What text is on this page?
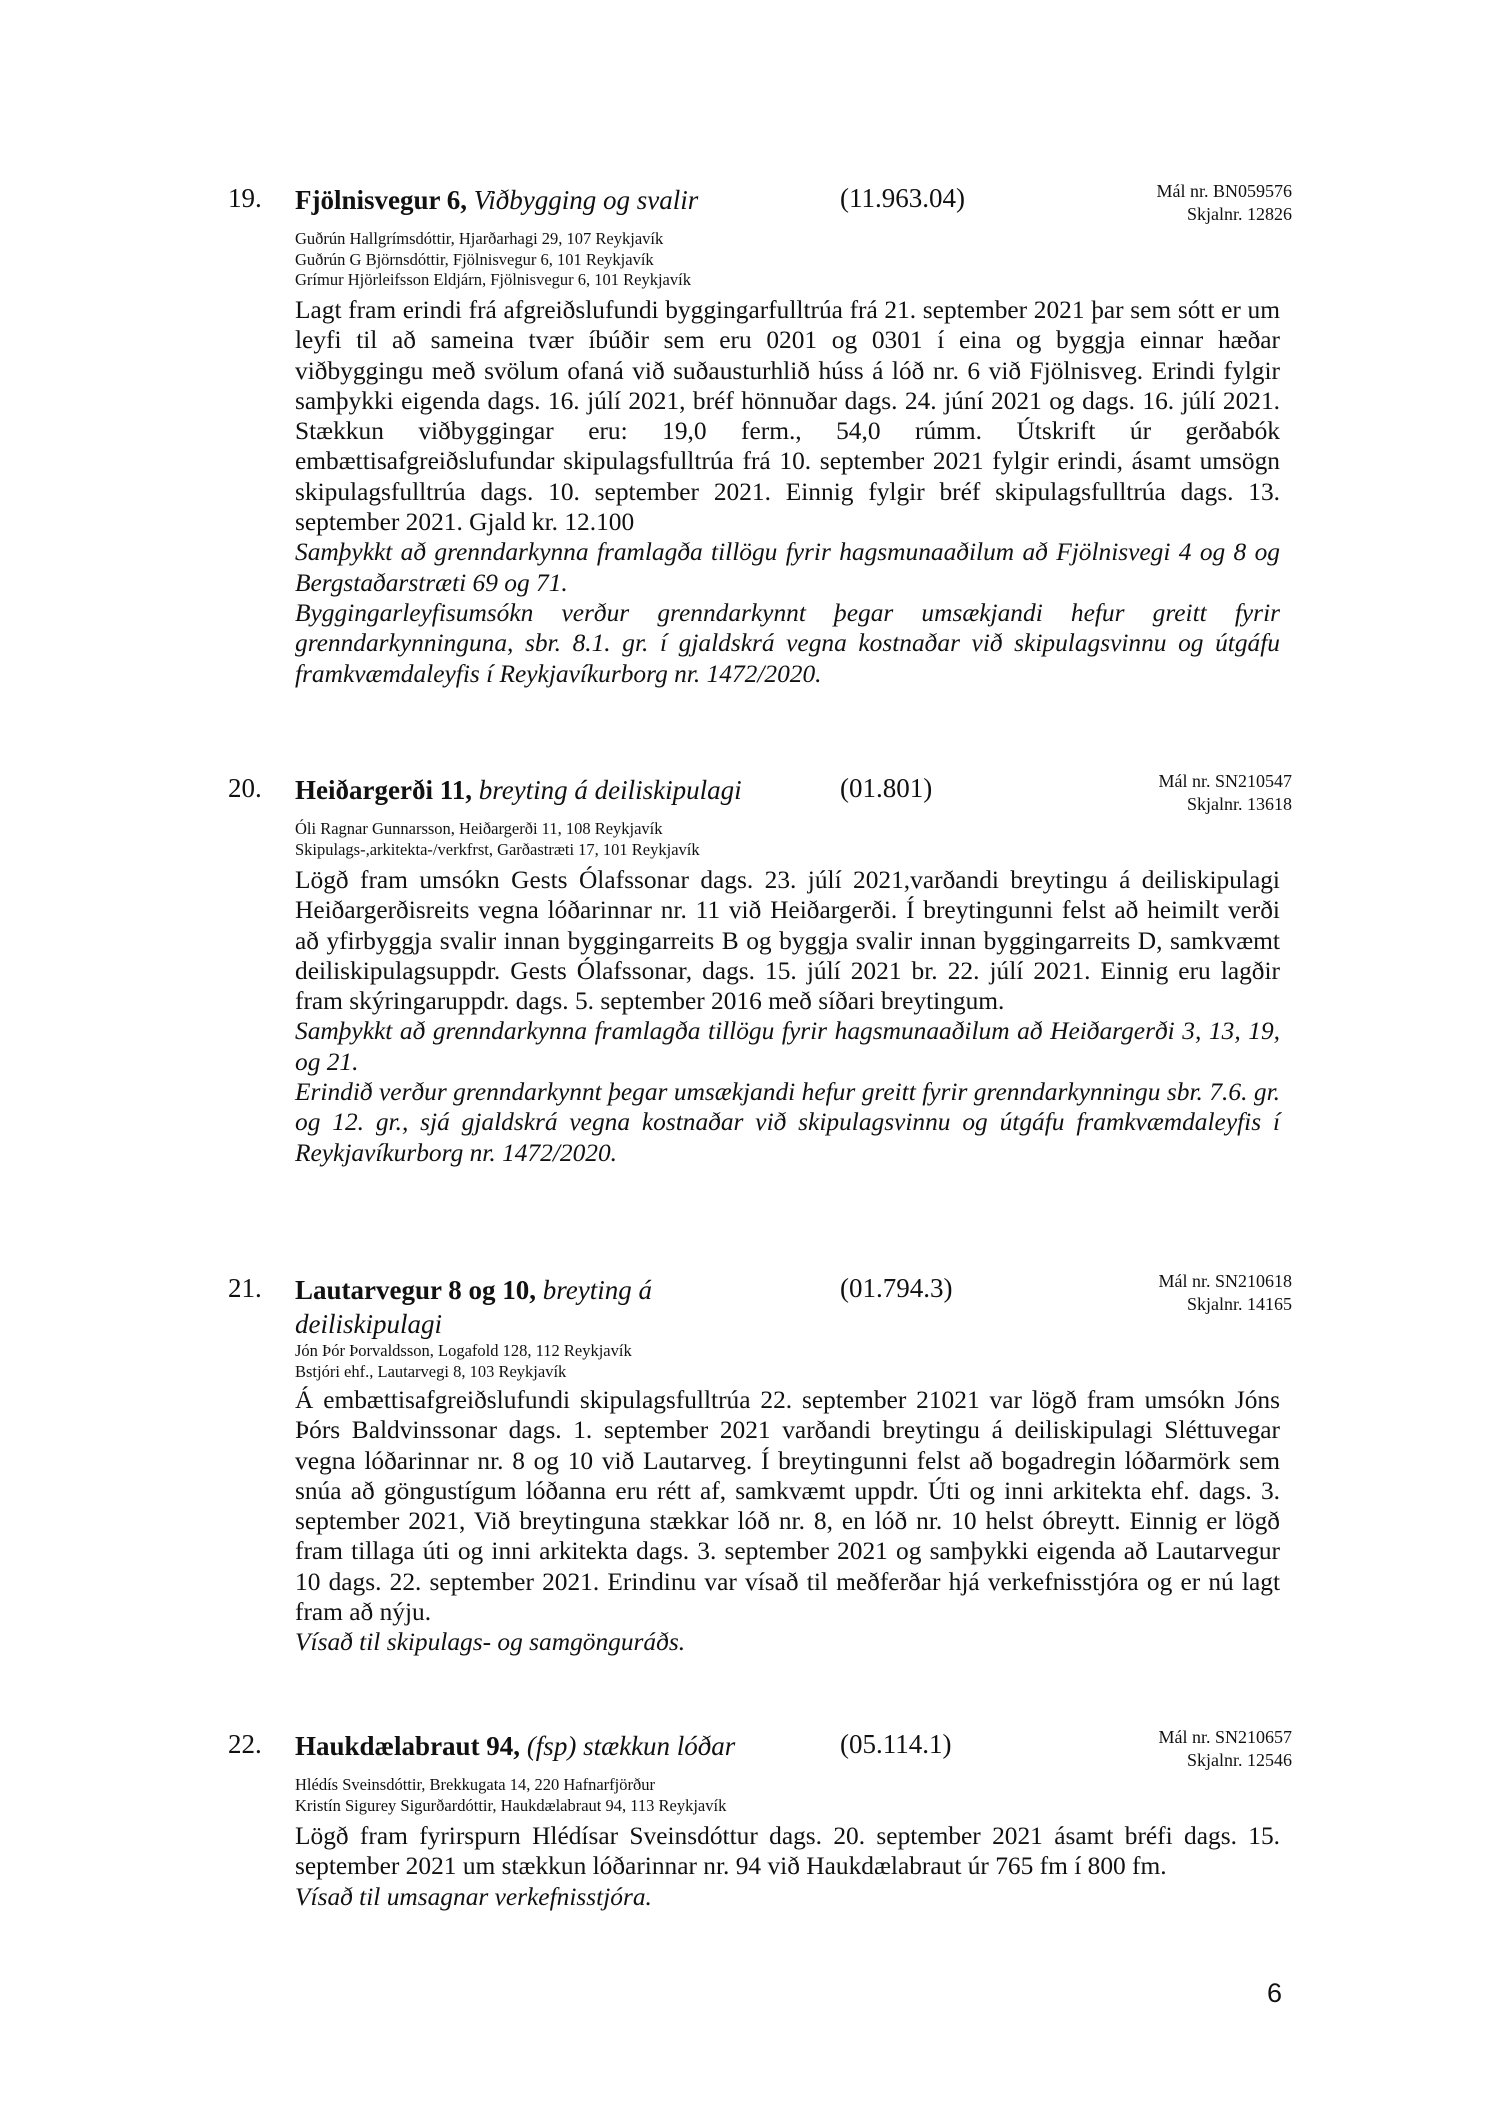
19. Fjölnisvegur 6, Viðbygging og svalir	(11.963.04)	Mál nr. BN059576
Skjalnr. 12826
Guðrún Hallgrímsdóttir, Hjarðarhagi 29, 107 Reykjavík
Guðrún G Björnsdóttir, Fjölnisvegur 6, 101 Reykjavík
Grímur Hjörleifsson Eldjárn, Fjölnisvegur 6, 101 Reykjavík

Lagt fram erindi frá afgreiðslufundi byggingarfulltrúa frá 21. september 2021 þar sem sótt er um leyfi til að sameina tvær íbúðir sem eru 0201 og 0301 í eina og byggja einnar hæðar viðbyggingu með svölum ofaná við suðausturhlið húss á lóð nr. 6 við Fjölnisveg. Erindi fylgir samþykki eigenda dags. 16. júlí 2021, bréf hönnuðar dags. 24. júní 2021 og dags. 16. júlí 2021. Stækkun viðbyggingar eru: 19,0 ferm., 54,0 rúmm. Útskrift úr gerðabók embættisafgreiðslufundar skipulagsfulltrúa frá 10. september 2021 fylgir erindi, ásamt umsögn skipulagsfulltrúa dags. 10. september 2021. Einnig fylgir bréf skipulagsfulltrúa dags. 13. september 2021. Gjald kr. 12.100

Samþykkt að grenndarkynna framlagða tillögu fyrir hagsmunaaðilum að Fjölnisvegi 4 og 8 og Bergstaðarstræti 69 og 71.

Byggingarleyfisumsókn verður grenndarkynnt þegar umsækjandi hefur greitt fyrir grenndarkynninguna, sbr. 8.1. gr. í gjaldskrá vegna kostnaðar við skipulagsvinnu og útgáfu framkvæmdaleyfis í Reykjavíkurborg nr. 1472/2020.

20. Heiðargerði 11, breyting á deiliskipulagi	(01.801)	Mál nr. SN210547
Skjalnr. 13618
Óli Ragnar Gunnarsson, Heiðargerði 11, 108 Reykjavík
Skipulags-,arkitekta-/verkfrst, Garðastræti 17, 101 Reykjavík

Lögð fram umsókn Gests Ólafssonar dags. 23. júlí 2021,varðandi breytingu á deiliskipulagi Heiðargerðisreits vegna lóðarinnar nr. 11 við Heiðargerði. Í breytingunni felst að heimilt verði að yfirbyggja svalir innan byggingarreits B og byggja svalir innan byggingarreits D, samkvæmt deiliskipulagsuppdr. Gests Ólafssonar, dags. 15. júlí 2021 br. 22. júlí 2021. Einnig eru lagðir fram skýringaruppdr. dags. 5. september 2016 með síðari breytingum.

Samþykkt að grenndarkynna framlagða tillögu fyrir hagsmunaaðilum að Heiðargerði 3, 13, 19, og 21.

Erindið verður grenndarkynnt þegar umsækjandi hefur greitt fyrir grenndarkynningu sbr. 7.6. gr. og 12. gr., sjá gjaldskrá vegna kostnaðar við skipulagsvinnu og útgáfu framkvæmdaleyfis í Reykjavíkurborg nr. 1472/2020.

21. Lautarvegur 8 og 10, breyting á deiliskipulagi
(01.794.3)	Mál nr. SN210618
Skjalnr. 14165
Jón Þór Þorvaldsson, Logafold 128, 112 Reykjavík
Bstjóri ehf., Lautarvegi 8, 103 Reykjavík

Á embættisafgreiðslufundi skipulagsfulltrúa 22. september 21021 var lögð fram umsókn Jóns Þórs Baldvinssonar dags. 1. september 2021 varðandi breytingu á deiliskipulagi Sléttuvegar vegna lóðarinnar nr. 8 og 10 við Lautarveg. Í breytingunni felst að bogadregin lóðarmörk sem snúa að göngustígum lóðanna eru rétt af, samkvæmt uppdr. Úti og inni arkitekta ehf. dags. 3. september 2021, Við breytinguna stækkar lóð nr. 8, en lóð nr. 10 helst óbreytt. Einnig er lögð fram tillaga úti og inni arkitekta dags. 3. september 2021 og samþykki eigenda að Lautarvegur 10 dags. 22. september 2021. Erindinu var vísað til meðferðar hjá verkefnisstjóra og er nú lagt fram að nýju.

Vísað til skipulags- og samgönguráðs.

22. Haukdælabraut 94, (fsp) stækkun lóðar	(05.114.1)	Mál nr. SN210657
Skjalnr. 12546
Hlédís Sveinsdóttir, Brekkugata 14, 220 Hafnarfjörður
Kristín Sigurey Sigurðardóttir, Haukdælabraut 94, 113 Reykjavík

Lögð fram fyrirspurn Hlédísar Sveinsdóttur dags. 20. september 2021 ásamt bréfi dags. 15. september 2021 um stækkun lóðarinnar nr. 94 við Haukdælabraut úr 765 fm í 800 fm.

Vísað til umsagnar verkefnisstjóra.

6
